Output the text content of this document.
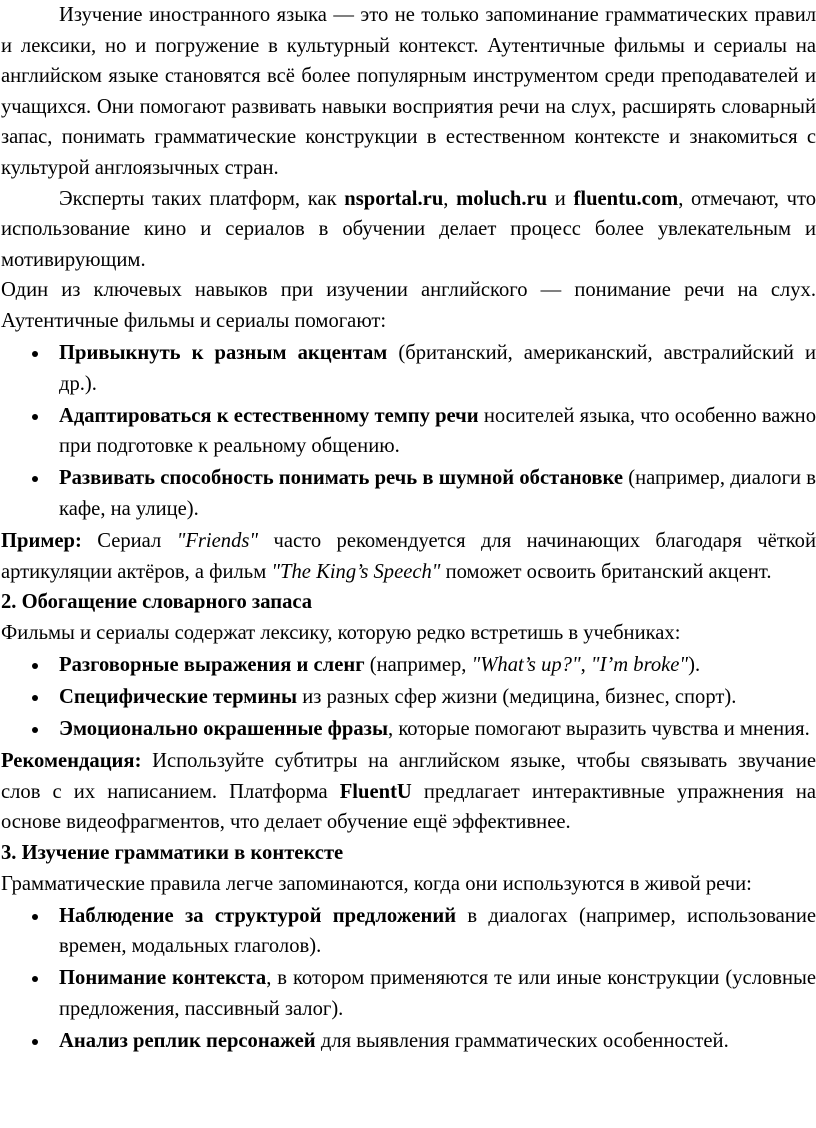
Изучение иностранного языка — это не только запоминание грамматических правил и лексики, но и погружение в культурный контекст. Аутентичные фильмы и сериалы на английском языке становятся всё более популярным инструментом среди преподавателей и учащихся. Они помогают развивать навыки восприятия речи на слух, расширять словарный запас, понимать грамматические конструкции в естественном контексте и знакомиться с культурой англоязычных стран.

Эксперты таких платформ, как nsportal.ru, moluch.ru и fluentu.com, отмечают, что использование кино и сериалов в обучении делает процесс более увлекательным и мотивирующим.

Один из ключевых навыков при изучении английского — понимание речи на слух. Аутентичные фильмы и сериалы помогают:

Привыкнуть к разным акцентам (британский, американский, австралийский и др.).
Адаптироваться к естественному темпу речи носителей языка, что особенно важно при подготовке к реальному общению.
Развивать способность понимать речь в шумной обстановке (например, диалоги в кафе, на улице).

Пример: Сериал "Friends" часто рекомендуется для начинающих благодаря чёткой артикуляции актёров, а фильм "The King’s Speech" поможет освоить британский акцент.

2. Обогащение словарного запаса

Фильмы и сериалы содержат лексику, которую редко встретишь в учебниках:

Разговорные выражения и сленг (например, "What’s up?", "I’m broke").
Специфические термины из разных сфер жизни (медицина, бизнес, спорт).
Эмоционально окрашенные фразы, которые помогают выразить чувства и мнения.

Рекомендация: Используйте субтитры на английском языке, чтобы связывать звучание слов с их написанием. Платформа FluentU предлагает интерактивные упражнения на основе видеофрагментов, что делает обучение ещё эффективнее.

3. Изучение грамматики в контексте

Грамматические правила легче запоминаются, когда они используются в живой речи:

Наблюдение за структурой предложений в диалогах (например, использование времен, модальных глаголов).
Понимание контекста, в котором применяются те или иные конструкции (условные предложения, пассивный залог).
Анализ реплик персонажей для выявления грамматических особенностей.
